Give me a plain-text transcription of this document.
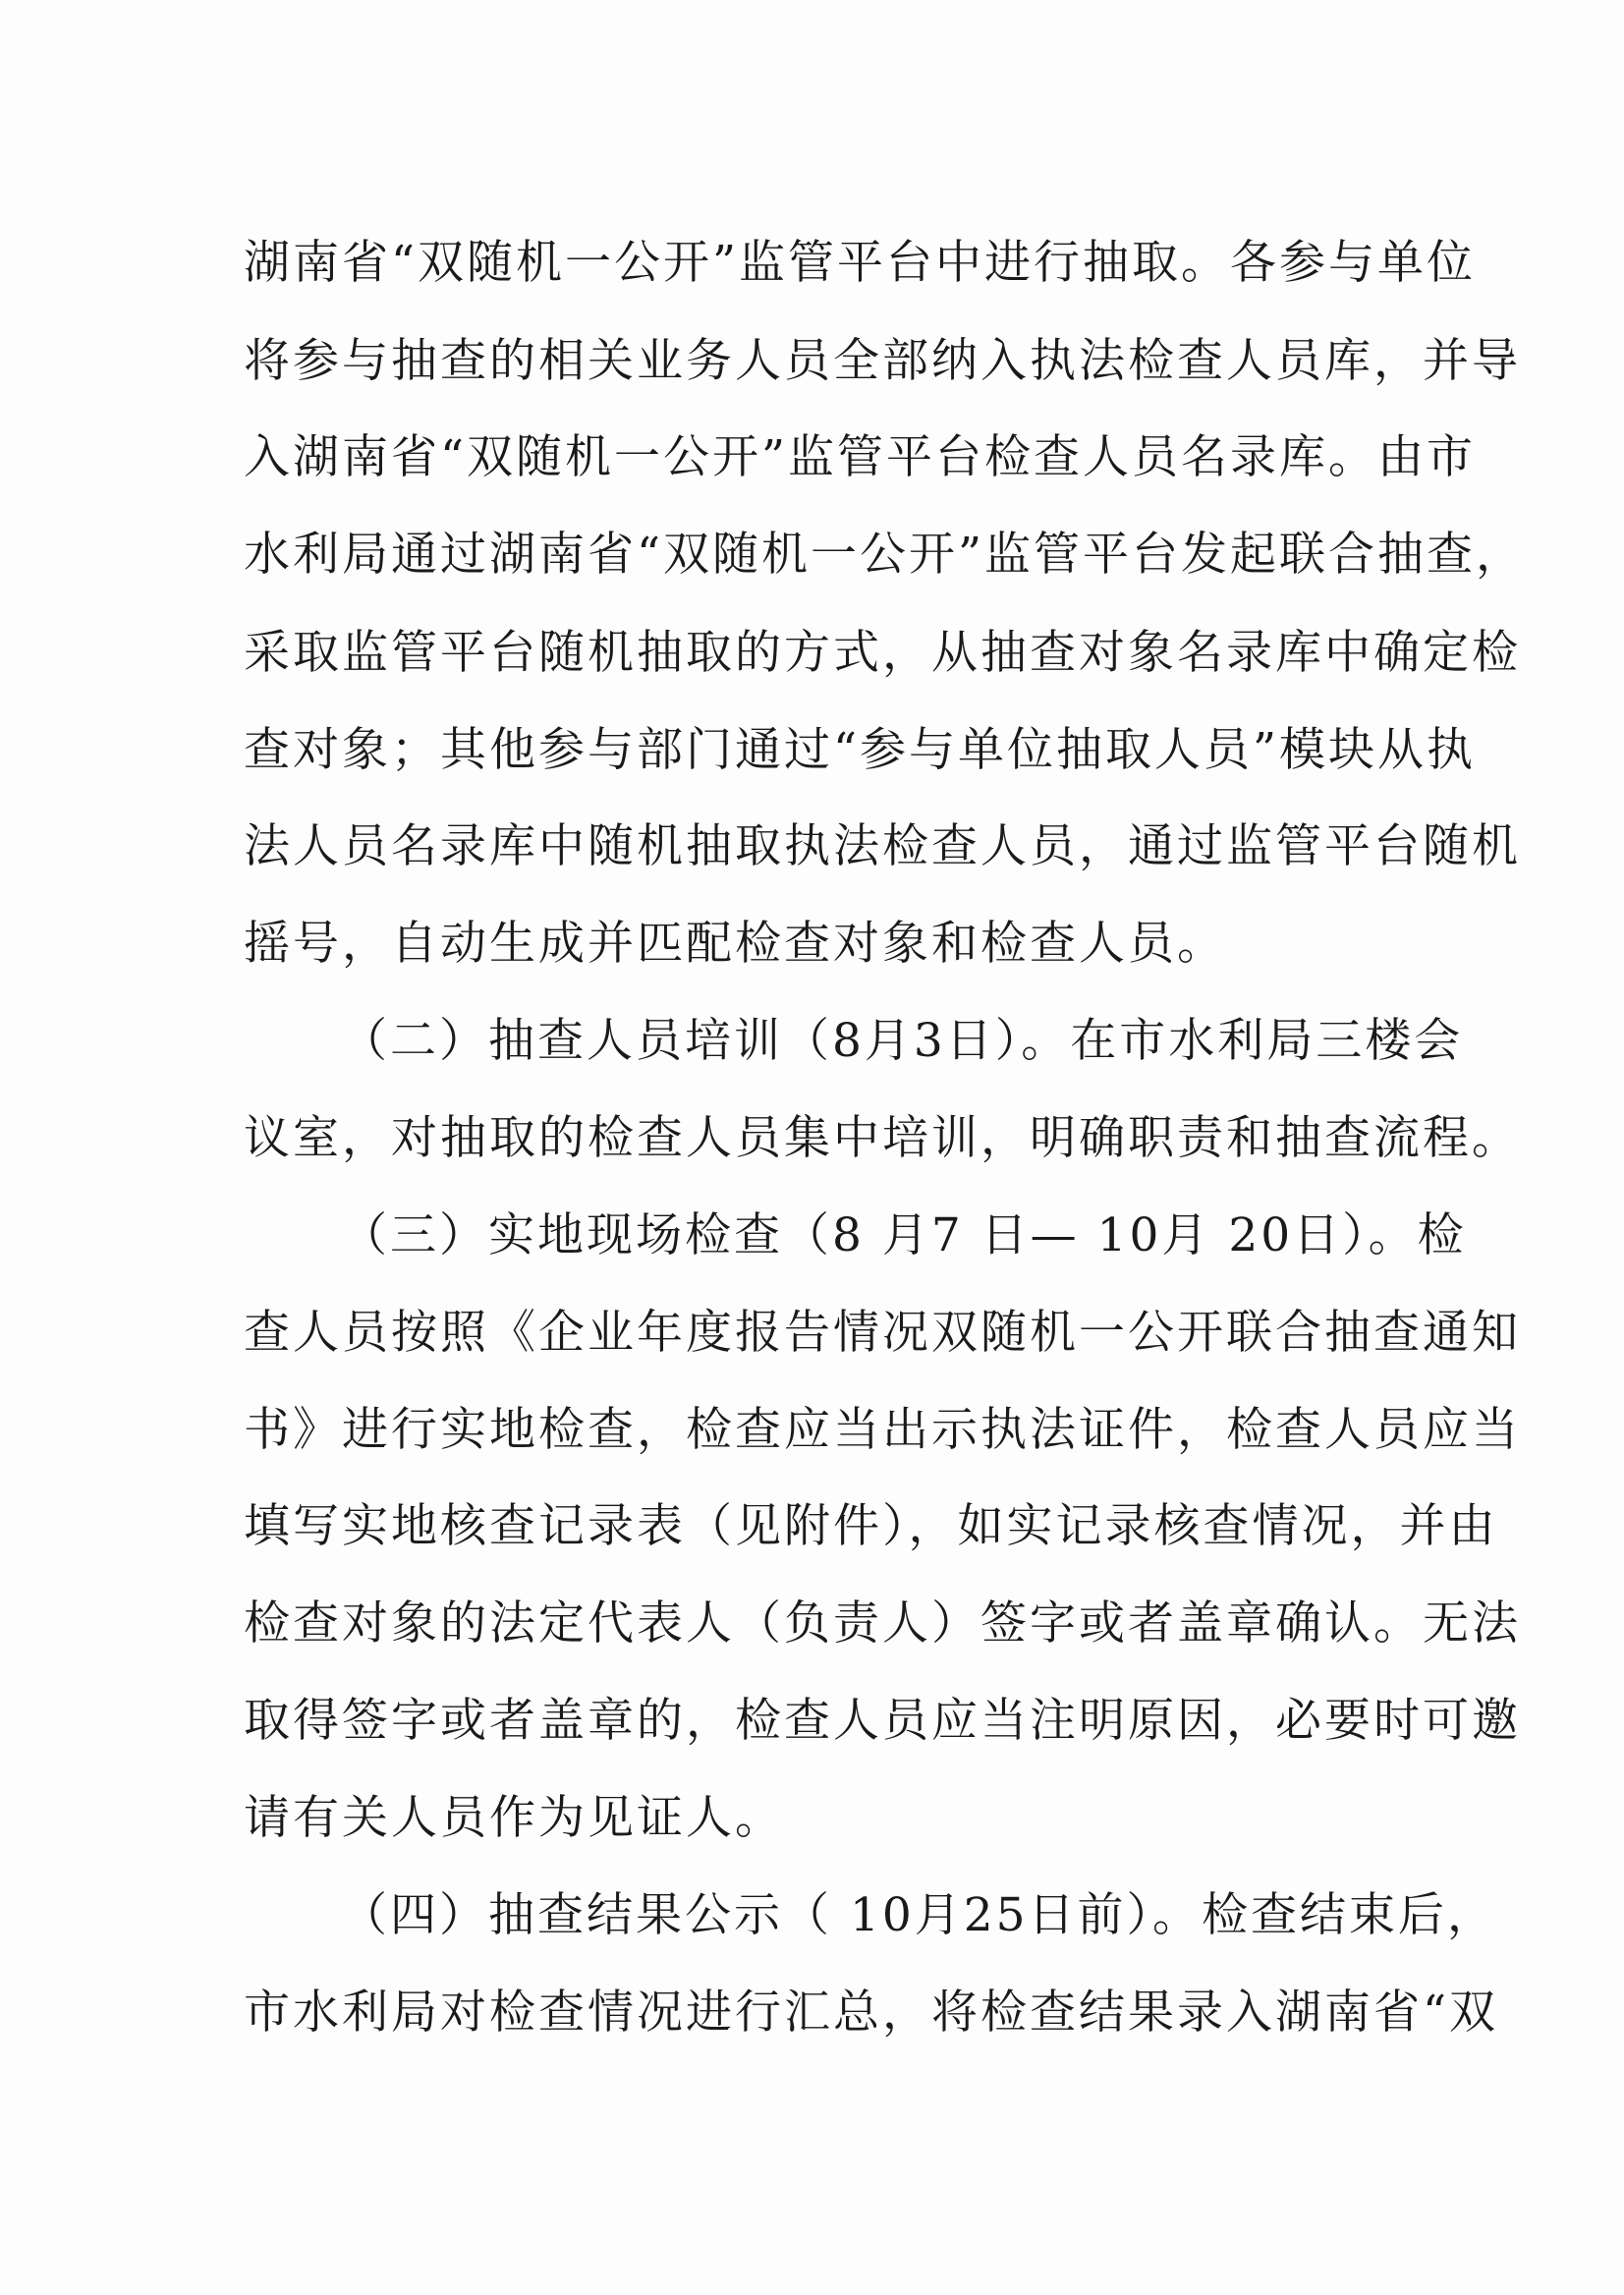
湖南省“双随机一公开”监管平台中进行抽取。各参与单位
将参与抽查的相关业务人员全部纳入执法检查人员库，并导
入湖南省“双随机一公开”监管平台检查人员名录库。由市
水利局通过湖南省“双随机一公开”监管平台发起联合抽查，
采取监管平台随机抽取的方式，从抽查对象名录库中确定检
查对象；其他参与部门通过“参与单位抽取人员”模块从执
法人员名录库中随机抽取执法检查人员，通过监管平台随机
摇号，自动生成并匹配检查对象和检查人员。
（二）抽查人员培训（8月3日）。在市水利局三楼会
议室，对抽取的检查人员集中培训，明确职责和抽查流程。
（三）实地现场检查（8 月7 日— 10月 20日）。检
查人员按照《企业年度报告情况双随机一公开联合抽查通知
书》进行实地检查，检查应当出示执法证件，检查人员应当
填写实地核查记录表（见附件），如实记录核查情况，并由
检查对象的法定代表人（负责人）签字或者盖章确认。无法
取得签字或者盖章的，检查人员应当注明原因，必要时可邀
请有关人员作为见证人。
（四）抽查结果公示（ 10月25日前）。检查结束后，
市水利局对检查情况进行汇总，将检查结果录入湖南省“双
